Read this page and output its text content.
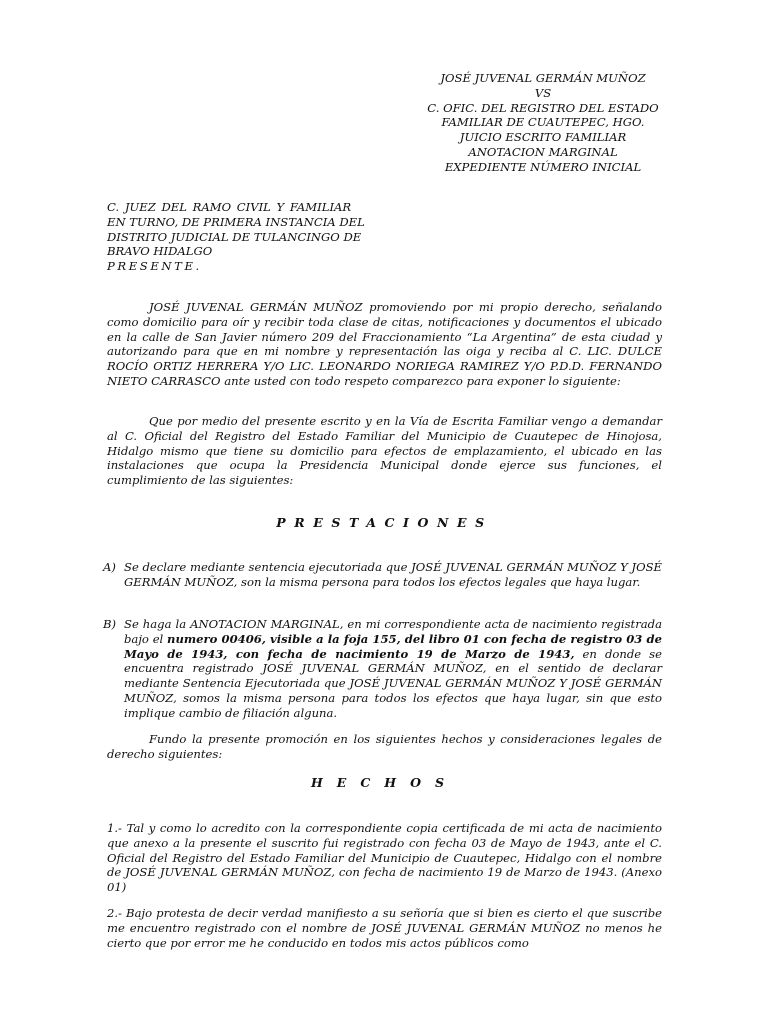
JOSÉ JUVENAL GERMÁN MUÑOZ
VS
C. OFIC. DEL REGISTRO DEL ESTADO
FAMILIAR DE CUAUTEPEC, HGO.
JUICIO ESCRITO FAMILIAR
ANOTACION MARGINAL
EXPEDIENTE NÚMERO INICIAL
C. JUEZ DEL RAMO CIVIL Y FAMILIAR
EN TURNO, DE PRIMERA INSTANCIA DEL
DISTRITO JUDICIAL DE TULANCINGO DE
BRAVO HIDALGO
PRESENTE.

JOSÉ JUVENAL GERMÁN MUÑOZ promoviendo por mi propio derecho, señalando como domicilio para oír y recibir toda clase de citas, notificaciones y documentos el ubicado en la calle de San Javier número 209 del Fraccionamiento “La Argentina” de esta ciudad y autorizando para que en mi nombre y representación las oiga y reciba al C. LIC. DULCE ROCÍO ORTIZ HERRERA Y/O LIC. LEONARDO NORIEGA RAMIREZ Y/O P.D.D. FERNANDO NIETO CARRASCO ante usted con todo respeto comparezco para exponer lo siguiente:

Que por medio del presente escrito y en la Vía de Escrita Familiar vengo a demandar al C. Oficial del Registro del Estado Familiar del Municipio de Cuautepec de Hinojosa, Hidalgo mismo que tiene su domicilio para efectos de emplazamiento, el ubicado en las instalaciones que ocupa la Presidencia Municipal donde ejerce sus funciones, el cumplimiento de las siguientes:

PRESTACIONES
A) Se declare mediante sentencia ejecutoriada que JOSÉ JUVENAL GERMÁN MUÑOZ Y JOSÉ GERMÁN MUÑOZ, son la misma persona para todos los efectos legales que haya lugar.
B) Se haga la ANOTACION MARGINAL, en mi correspondiente acta de nacimiento registrada bajo el numero 00406, visible a la foja 155, del libro 01 con fecha de registro 03 de Mayo de 1943, con fecha de nacimiento 19 de Marzo de 1943, en donde se encuentra registrado JOSÉ JUVENAL GERMÁN MUÑOZ, en el sentido de declarar mediante Sentencia Ejecutoriada que JOSÉ JUVENAL GERMÁN MUÑOZ Y JOSÉ GERMÁN MUÑOZ, somos la misma persona para todos los efectos que haya lugar, sin que esto implique cambio de filiación alguna.

Fundo la presente promoción en los siguientes hechos y consideraciones legales de derecho siguientes:

HECHOS

1.- Tal y como lo acredito con la correspondiente copia certificada de mi acta de nacimiento que anexo a la presente el suscrito fui registrado con fecha 03 de Mayo de 1943, ante el C. Oficial del Registro del Estado Familiar del Municipio de Cuautepec, Hidalgo con el nombre de JOSÉ JUVENAL GERMÁN MUÑOZ, con fecha de nacimiento 19 de Marzo de 1943. (Anexo 01)

2.- Bajo protesta de decir verdad manifiesto a su señoría que si bien es cierto el que suscribe me encuentro registrado con el nombre de JOSÉ JUVENAL GERMÁN MUÑOZ no menos he cierto que por error me he conducido en todos mis actos públicos como
